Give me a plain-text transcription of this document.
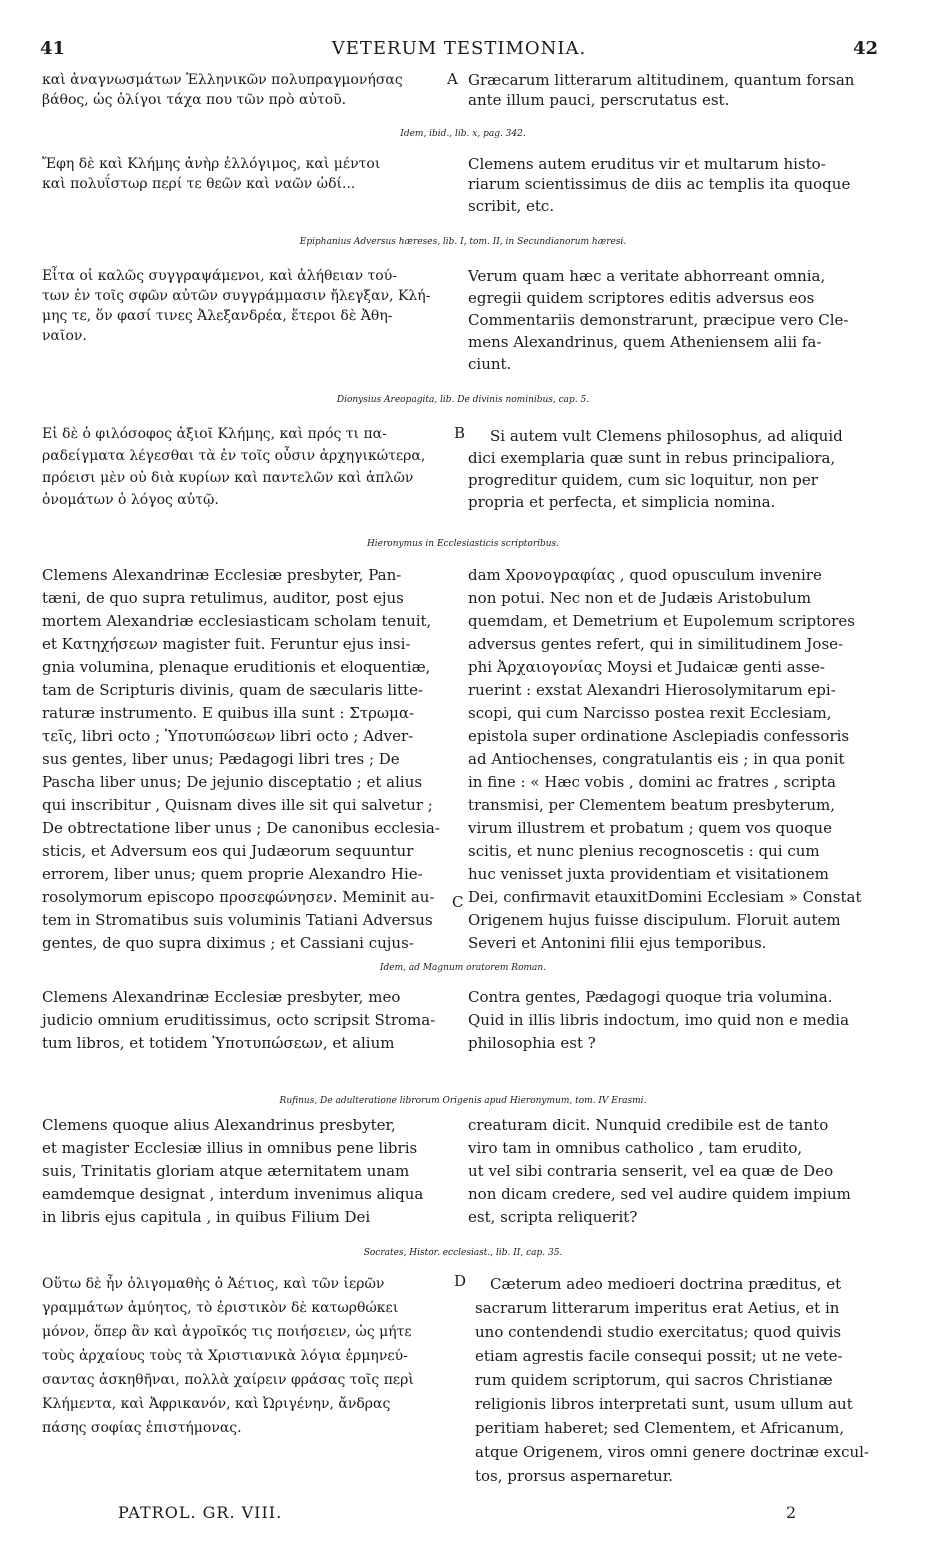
41	VETERUM TESTIMONIA.	42
καὶ ἀναγνωσμάτων Ἑλληνικῶν πολυπραγμονήσας
βάθος, ὡς ὀλίγοι τάχα που τῶν πρὸ αὐτοῦ.
A Græcarum litterarum altitudinem, quantum forsan
ante illum pauci, perscrutatus est.
Idem, ibid., lib. x, pag. 342.
Ἔφη δὲ καὶ Κλήμης ἀνὴρ ἐλλόγιμος, καὶ μέντοι
καὶ πολυΐστωρ περί τε θεῶν καὶ ναῶν ὡδί...
Clemens autem eruditus vir et multarum histo-
riarum scientissimus de diis ac templis ita quoque
scribit, etc.
Epiphanius Adversus hæreses, lib. I, tom. II, in Secundianorum hæresi.
Εἶτα οἱ καλῶς συγγραψάμενοι, καὶ ἀλήθειαν τού-
των ἐν τοῖς σφῶν αὐτῶν συγγράμμασιν ἤλεγξαν, Κλή-
μης τε, ὅν φασί τινες Ἀλεξανδρέα, ἕτεροι δὲ Ἀθη-
ναῖον.
Verum quam hæc a veritate abhorreant omnia,
egregii quidem scriptores editis adversus eos
Commentariis demonstrarunt, præcipue vero Cle-
mens Alexandrinus, quem Atheniensem alii fa-
ciunt.
Dionysius Areopagita, lib. De divinis nominibus, cap. 5.
Εἰ δὲ ὁ φιλόσοφος ἀξιοῖ Κλήμης, καὶ πρός τι πα-
ραδείγματα λέγεσθαι τὰ ἐν τοῖς οὖσιν ἀρχηγικώτερα,
πρόεισι μὲν οὐ διὰ κυρίων καὶ παντελῶν καὶ ἁπλῶν
ὀνομάτων ὁ λόγος αὐτῷ.
B Si autem vult Clemens philosophus, ad aliquid
dici exemplaria quæ sunt in rebus principaliora,
progreditur quidem, cum sic loquitur, non per
propria et perfecta, et simplicia nomina.
Hieronymus in Ecclesiasticis scriptoribus.
Clemens Alexandrinæ Ecclesiæ presbyter, Pan-
tæni, de quo supra retulimus, auditor, post ejus
mortem Alexandriæ ecclesiasticam scholam tenuit,
et Κατηχήσεων magister fuit. Feruntur ejus insi-
gnia volumina, plenaque eruditionis et eloquentiæ,
tam de Scripturis divinis, quam de sæcularis litte-
raturæ instrumento. E quibus illa sunt : Στρωμα-
τεῖς, libri octo ; Ὑποτυπώσεων libri octo ; Adver-
sus gentes, liber unus; Pædagogi libri tres ; De
Pascha liber unus; De jejunio disceptatio ; et alius
qui inscribitur , Quisnam dives ille sit qui salvetur ;
De obtrectatione liber unus ; De canonibus ecclesia-
sticis, et Adversum eos qui Judæorum sequuntur
errorem, liber unus; quem proprie Alexandro Hie-
rosolymorum episcopo προσεφώνησεν. Meminit au-
tem in Stromatibus suis voluminis Tatiani Adversus
gentes, de quo supra diximus ; et Cassiani cujus-
C
dam Χρονογραφίας , quod opusculum invenire
non potui. Nec non et de Judæis Aristobulum
quemdam, et Demetrium et Eupolemum scriptores
adversus gentes refert, qui in similitudinem Jose-
phi Ἀρχαιογονίας Moysi et Judaicæ genti asse-
ruerint : exstat Alexandri Hierosolymitarum epi-
scopi, qui cum Narcisso postea rexit Ecclesiam,
epistola super ordinatione Asclepiadis confessoris
ad Antiochenses, congratulantis eis ; in qua ponit
in fine : « Hæc vobis , domini ac fratres , scripta
transmisi, per Clementem beatum presbyterum,
virum illustrem et probatum ; quem vos quoque
scitis, et nunc plenius recognoscetis : qui cum
huc venisset juxta providentiam et visitationem
Dei, confirmavit etauxitDomini Ecclesiam » Constat
Origenem hujus fuisse discipulum. Floruit autem
Severi et Antonini filii ejus temporibus.
Idem, ad Magnum oratorem Roman.
Clemens Alexandrinæ Ecclesiæ presbyter, meo
judicio omnium eruditissimus, octo scripsit Stroma-
tum libros, et totidem Ὑποτυπώσεων, et alium
Contra gentes, Pædagogi quoque tria volumina.
Quid in illis libris indoctum, imo quid non e media
philosophia est ?
Rufinus, De adulteratione librorum Origenis apud Hieronymum, tom. IV Erasmi.
Clemens quoque alius Alexandrinus presbyter,
et magister Ecclesiæ illius in omnibus pene libris
suis, Trinitatis gloriam atque æternitatem unam
eamdemque designat , interdum invenimus aliqua
in libris ejus capitula , in quibus Filium Dei
creaturam dicit. Nunquid credibile est de tanto
viro tam in omnibus catholico , tam erudito,
ut vel sibi contraria senserit, vel ea quæ de Deo
non dicam credere, sed vel audire quidem impium
est, scripta reliquerit?
Socrates, Histor. ecclesiast., lib. II, cap. 35.
Οὕτω δὲ ἦν ὀλιγομαθὴς ὁ Ἀέτιος, καὶ τῶν ἱερῶν
γραμμάτων ἀμύητος, τὸ ἐριστικὸν δὲ κατωρθώκει
μόνον, ὅπερ ἂν καὶ ἀγροῖκός τις ποιήσειεν, ὡς μήτε
τοὺς ἀρχαίους τοὺς τὰ Χριστιανικὰ λόγια ἑρμηνεύ-
σαντας ἀσκηθῆναι, πολλὰ χαίρειν φράσας τοῖς περὶ
Κλήμεντα, καὶ Ἀφρικανόν, καὶ Ὠριγένην, ἄνδρας
πάσης σοφίας ἐπιστήμονας.
D Cæterum adeo medioeri doctrina præditus, et
sacrarum litterarum imperitus erat Aetius, et in
uno contendendi studio exercitatus; quod quivis
etiam agrestis facile consequi possit; ut ne vete-
rum quidem scriptorum, qui sacros Christianæ
religionis libros interpretati sunt, usum ullum aut
peritiam haberet; sed Clementem, et Africanum,
atque Origenem, viros omni genere doctrinæ excul-
tos, prorsus aspernaretur.
PATROL. GR. VIII.	2
